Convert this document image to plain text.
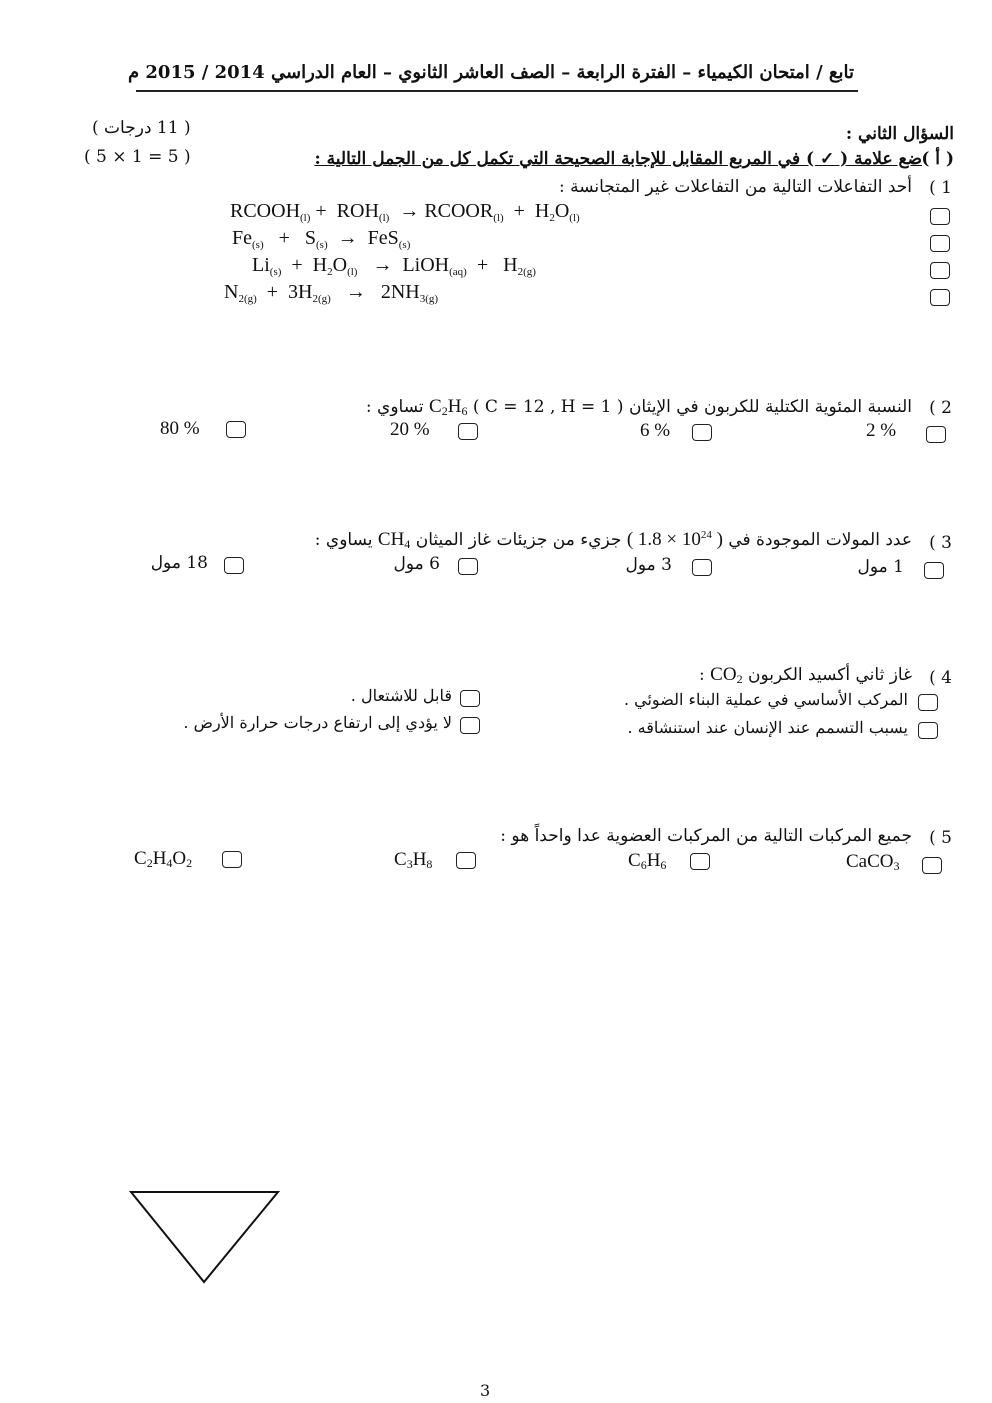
تابع / امتحان الكيمياء – الفترة الرابعة – الصف العاشر الثانوي – العام الدراسي 2014 / 2015 م
السؤال الثاني :
( 11 درجات )
( أ )
ضع علامة ( ✓ ) في المربع المقابل للإجابة الصحيحة التي تكمل كل من الجمل التالية :
( 5 × 1 = 5 )
1 )
أحد التفاعلات التالية من التفاعلات غير المتجانسة :
$RCOOH_{(l)} + ROH_{(l)}$  → $RCOOR_{(l)} + H_2O_{(l)}$
$Fe_{(s)} + S_{(s)} \to FeS_{(s)}$
$Li_{(s)} + H_2O_{(l)}$   →  LiOH$_{(aq)}$  +   $H_{2(g)}$
$N_{2(g)} + 3H_{2(g)} \to 2NH_{3(g)}$
2 )
النسبة المئوية الكتلية للكربون في الإيثان $C_2H_6$ ( C = 12 , H = 1 ) تساوي :
2 %
6 %
20 %
80 %
3 )
عدد المولات الموجودة في ( $1.8 \times 10^{24}$ ) جزيء من جزيئات غاز الميثان $CH_4$ يساوي :
1 مول
3 مول
6 مول
18 مول
4 )
غاز ثاني أكسيد الكربون $CO_2$ :
المركب الأساسي في عملية البناء الضوئي .
قابل للاشتعال .
يسبب التسمم عند الإنسان عند استنشاقه .
لا يؤدي إلى ارتفاع درجات حرارة الأرض .
5 )
جميع المركبات التالية من المركبات العضوية عدا واحداً هو :
CaCO$_3$
$C_6H_6$
$C_3H_8$
$C_2H_4O_2$
3
